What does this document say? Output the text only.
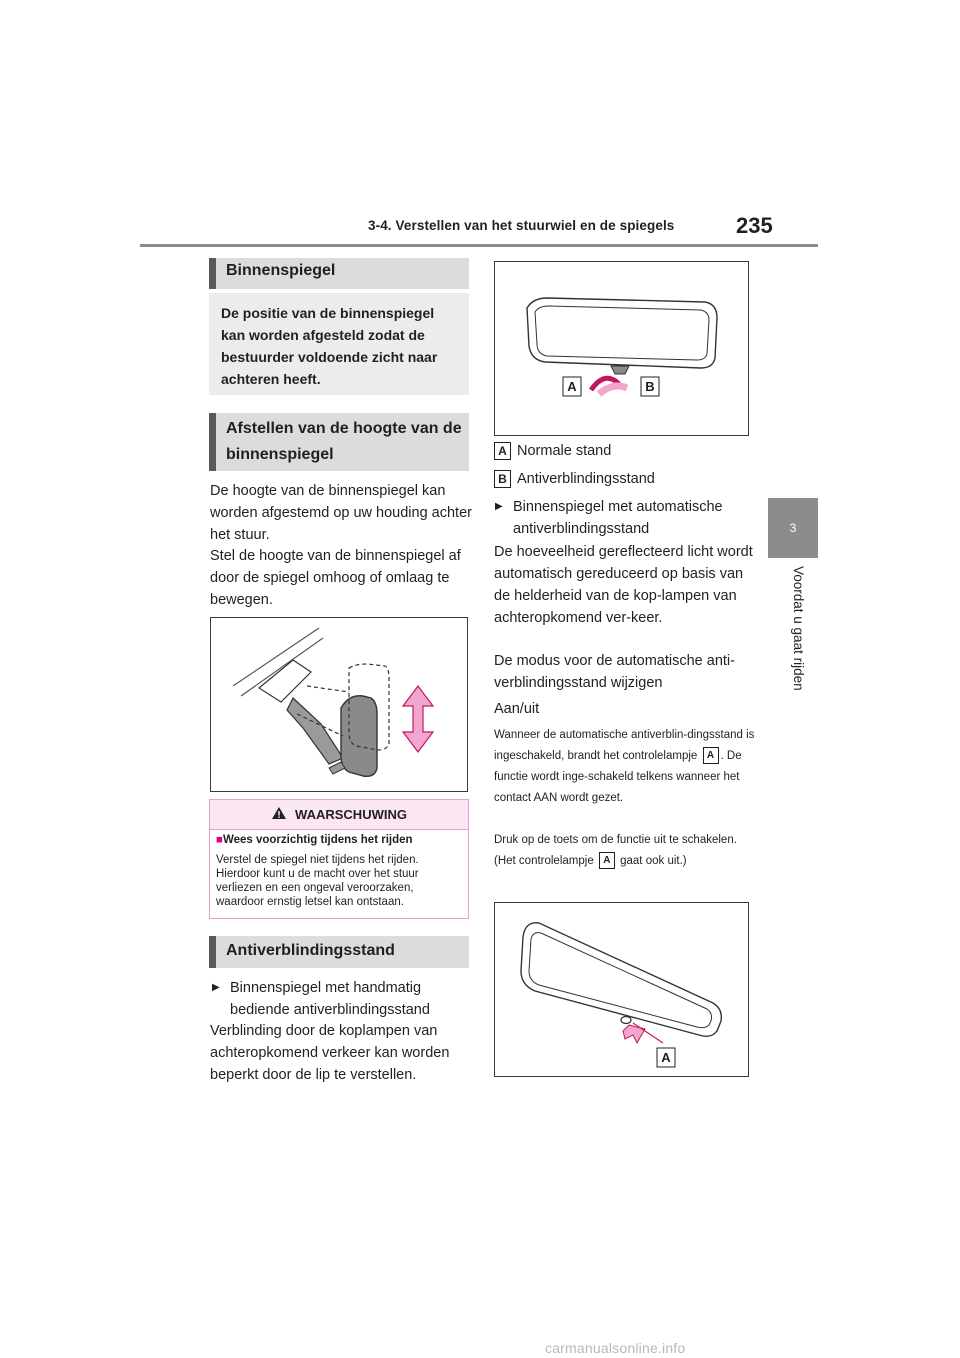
3-4. Verstellen van het stuurwiel en de spiegels	235
3
Voordat u gaat rijden
Binnenspiegel
De positie van de binnenspiegel kan worden afgesteld zodat de bestuurder voldoende zicht naar achteren heeft.
Afstellen van de hoogte van de binnenspiegel
De hoogte van de binnenspiegel kan worden afgestemd op uw houding achter het stuur.
Stel de hoogte van de binnenspiegel af door de spiegel omhoog of omlaag te bewegen.
WAARSCHUWING
■Wees voorzichtig tijdens het rijden
Verstel de spiegel niet tijdens het rijden. Hierdoor kunt u de macht over het stuur verliezen en een ongeval veroorzaken, waardoor ernstig letsel kan ontstaan.
Antiverblindingsstand
▶ Binnenspiegel met handmatig bediende antiverblindingsstand
Verblinding door de koplampen van achteropkomend verkeer kan worden beperkt door de lip te verstellen.
A	B
A Normale stand
B Antiverblindingsstand
▶ Binnenspiegel met automatische antiverblindingsstand
De hoeveelheid gereflecteerd licht wordt automatisch gereduceerd op basis van de helderheid van de kop-lampen van achteropkomend ver-keer.
De modus voor de automatische anti-verblindingsstand wijzigen
Aan/uit
Wanneer de automatische antiverblin-dingsstand is ingeschakeld, brandt het controlelampje A . De functie wordt inge-schakeld telkens wanneer het contact AAN wordt gezet.
Druk op de toets om de functie uit te schakelen. (Het controlelampje A gaat ook uit.)
A
carmanualsonline.info
